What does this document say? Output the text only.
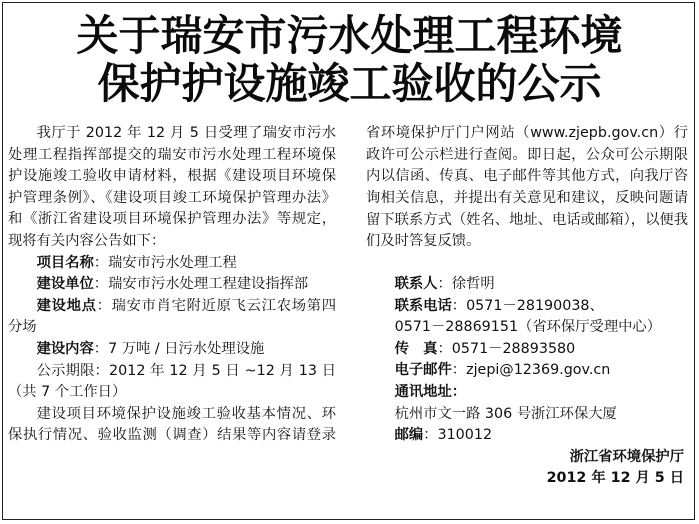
关于瑞安市污水处理工程环境
保护护设施竣工验收的公示

我厅于 2012 年 12 月 5 日受理了瑞安市污水处理工程指挥部提交的瑞安市污水处理工程环境保护设施竣工验收申请材料，根据《建设项目环境保护管理条例》、《建设项目竣工环境保护管理办法》和《浙江省建设项目环境保护管理办法》等规定，现将有关内容公告如下：

项目名称：瑞安市污水处理工程

建设单位：瑞安市污水处理工程建设指挥部

建设地点：瑞安市肖宅附近原飞云江农场第四分场

建设内容：7 万吨 / 日污水处理设施

公示期限：2012 年 12 月 5 日 ~12 月 13 日（共 7 个工作日）

建设项目环境保护设施竣工验收基本情况、环保执行情况、验收监测（调查）结果等内容请登录

省环境保护厅门户网站（www.zjepb.gov.cn）行政许可公示栏进行查阅。即日起，公众可公示期限内以信函、传真、电子邮件等其他方式，向我厅咨询相关信息，并提出有关意见和建议，反映问题请留下联系方式（姓名、地址、电话或邮箱），以便我们及时答复反馈。

联系人：徐哲明

联系电话：0571－28190038、

0571－28869151（省环保厅受理中心）

传　真：0571－28893580

电子邮件：zjepi@12369.gov.cn

通讯地址：

杭州市文一路 306 号浙江环保大厦

邮编：310012

浙江省环境保护厅

2012 年 12 月 5 日
